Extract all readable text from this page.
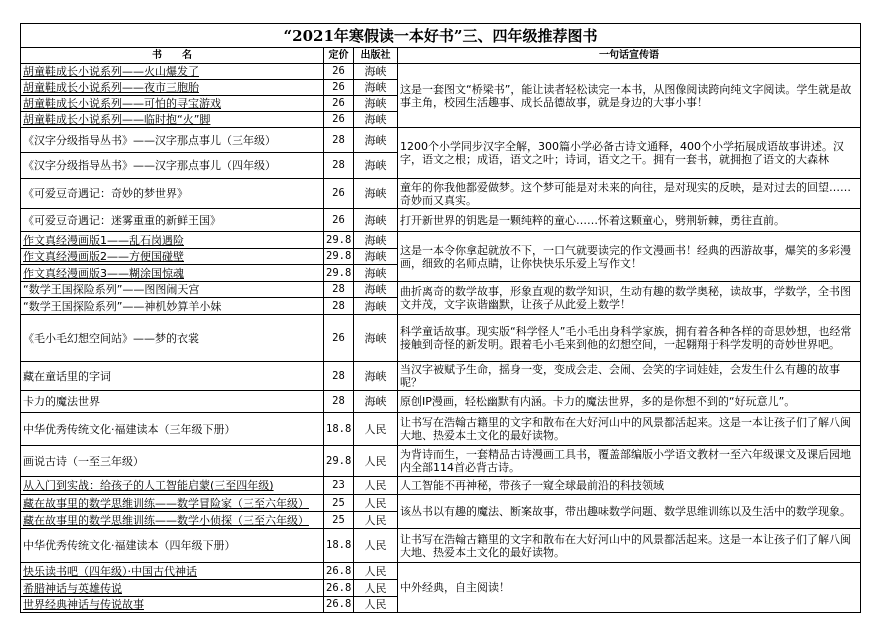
“2021年寒假读一本好书”三、四年级推荐图书			
书　　名	定价	出版社	一句话宣传语
胡童鞋成长小说系列——火山爆发了	26	海峡	这是一套图文“桥梁书”，能让读者轻松读完一本书，从图像阅读跨向纯文字阅读。学生就是故事主角，校园生活趣事、成长品德故事，就是身边的大事小事！
胡童鞋成长小说系列——夜市三胞胎	26	海峡	
胡童鞋成长小说系列——可怕的寻宝游戏	26	海峡	
胡童鞋成长小说系列——临时抱“火”脚	26	海峡	
《汉字分级指导丛书》——汉字那点事儿（三年级）	28	海峡	1200个小学同步汉字全解，300篇小学必备古诗文通释，400个小学拓展成语故事讲述。汉字，语文之根；成语，语文之叶；诗词，语文之干。拥有一套书，就拥抱了语文的大森林
《汉字分级指导丛书》——汉字那点事儿（四年级）	28	海峡	
《可爱豆奇遇记：奇妙的梦世界》	26	海峡	童年的你我他都爱做梦。这个梦可能是对未来的向往，是对现实的反映，是对过去的回望……奇妙而又真实。
《可爱豆奇遇记：迷雾重重的新鲜王国》	26	海峡	打开新世界的钥匙是一颗纯粹的童心……怀着这颗童心，劈荆斩棘，勇往直前。
作文真经漫画版1——乱石岗遇险	29.8	海峡	这是一本令你拿起就放不下，一口气就要读完的作文漫画书！经典的西游故事，爆笑的多彩漫画，细致的名师点睛，让你快快乐乐爱上写作文！
作文真经漫画版2——方便国碰壁	29.8	海峡	
作文真经漫画版3——糊涂国惊魂	29.8	海峡	
“数学王国探险系列”——图图闹天宫	28	海峡	曲折离奇的数学故事，形象直观的数学知识，生动有趣的数学奥秘，读故事，学数学，全书图文并茂，文字诙谐幽默，让孩子从此爱上数学！
“数学王国探险系列”——神机妙算羊小妹	28	海峡	
《毛小毛幻想空间站》——梦的衣裳	26	海峡	科学童话故事。现实版“科学怪人”毛小毛出身科学家族，拥有着各种各样的奇思妙想，也经常接触到奇怪的新发明。跟着毛小毛来到他的幻想空间，一起翱翔于科学发明的奇妙世界吧。
藏在童话里的字词	28	海峡	当汉字被赋予生命，摇身一变，变成会走、会闹、会笑的字词娃娃，会发生什么有趣的故事呢？
卡力的魔法世界	28	海峡	原创IP漫画，轻松幽默有内涵。卡力的魔法世界，多的是你想不到的“好玩意儿”。
中华优秀传统文化·福建读本（三年级下册）	18.8	人民	让书写在浩翰古籍里的文字和散布在大好河山中的风景都活起来。这是一本让孩子们了解八闽大地、热爱本土文化的最好读物。
画说古诗（一至三年级）	29.8	人民	为背诗而生，一套精品古诗漫画工具书，覆盖部编版小学语文教材一至六年级课文及课后园地内全部114首必背古诗。
从入门到实战：给孩子的人工智能启蒙(三至四年级)	23	人民	人工智能不再神秘，带孩子一窥全球最前沿的科技领域
藏在故事里的数学思维训练——数学冒险家（三至六年级）	25	人民	该丛书以有趣的魔法、断案故事，带出趣味数学问题、数学思维训练以及生活中的数学现象。
藏在故事里的数学思维训练——数学小侦探（三至六年级）	25	人民	
中华优秀传统文化·福建读本（四年级下册）	18.8	人民	让书写在浩翰古籍里的文字和散布在大好河山中的风景都活起来。这是一本让孩子们了解八闽大地、热爱本土文化的最好读物。
快乐读书吧（四年级）·中国古代神话	26.8	人民	中外经典，自主阅读！
希腊神话与英雄传说	26.8	人民	
世界经典神话与传说故事	26.8	人民	
